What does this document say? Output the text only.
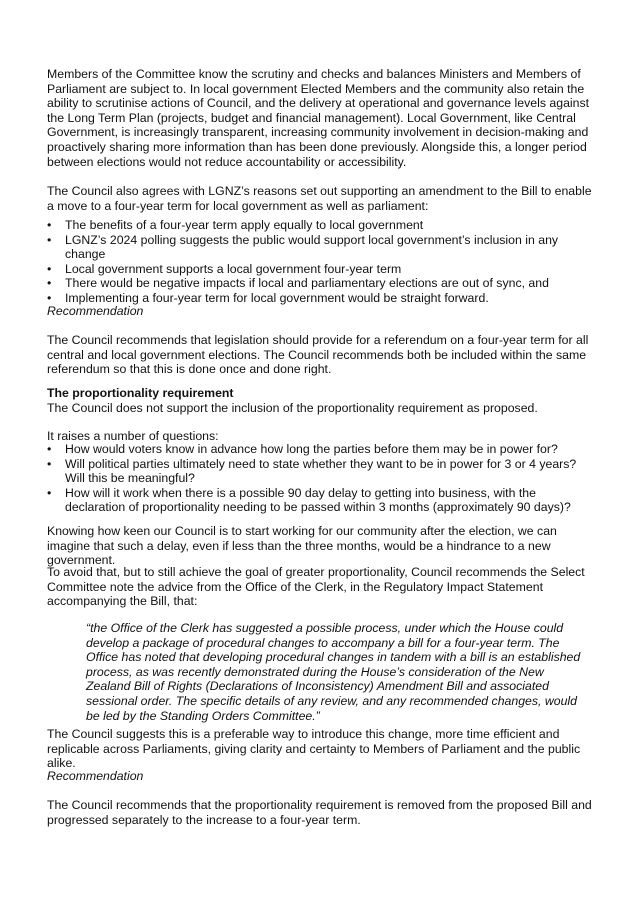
Members of the Committee know the scrutiny and checks and balances Ministers and Members of Parliament are subject to. In local government Elected Members and the community also retain the ability to scrutinise actions of Council, and the delivery at operational and governance levels against the Long Term Plan (projects, budget and financial management). Local Government, like Central Government, is increasingly transparent, increasing community involvement in decision-making and proactively sharing more information than has been done previously. Alongside this, a longer period between elections would not reduce accountability or accessibility.

The Council also agrees with LGNZ’s reasons set out supporting an amendment to the Bill to enable a move to a four-year term for local government as well as parliament:

• The benefits of a four-year term apply equally to local government
• LGNZ’s 2024 polling suggests the public would support local government’s inclusion in any change
• Local government supports a local government four-year term
• There would be negative impacts if local and parliamentary elections are out of sync, and
• Implementing a four-year term for local government would be straight forward.

Recommendation

The Council recommends that legislation should provide for a referendum on a four-year term for all central and local government elections. The Council recommends both be included within the same referendum so that this is done once and done right.

The proportionality requirement

The Council does not support the inclusion of the proportionality requirement as proposed.

It raises a number of questions:

• How would voters know in advance how long the parties before them may be in power for?
• Will political parties ultimately need to state whether they want to be in power for 3 or 4 years? Will this be meaningful?
• How will it work when there is a possible 90 day delay to getting into business, with the declaration of proportionality needing to be passed within 3 months (approximately 90 days)?

Knowing how keen our Council is to start working for our community after the election, we can imagine that such a delay, even if less than the three months, would be a hindrance to a new government.

To avoid that, but to still achieve the goal of greater proportionality, Council recommends the Select Committee note the advice from the Office of the Clerk, in the Regulatory Impact Statement accompanying the Bill, that:

“the Office of the Clerk has suggested a possible process, under which the House could develop a package of procedural changes to accompany a bill for a four-year term. The Office has noted that developing procedural changes in tandem with a bill is an established process, as was recently demonstrated during the House’s consideration of the New Zealand Bill of Rights (Declarations of Inconsistency) Amendment Bill and associated sessional order. The specific details of any review, and any recommended changes, would be led by the Standing Orders Committee.”

The Council suggests this is a preferable way to introduce this change, more time efficient and replicable across Parliaments, giving clarity and certainty to Members of Parliament and the public alike.

Recommendation

The Council recommends that the proportionality requirement is removed from the proposed Bill and progressed separately to the increase to a four-year term.
